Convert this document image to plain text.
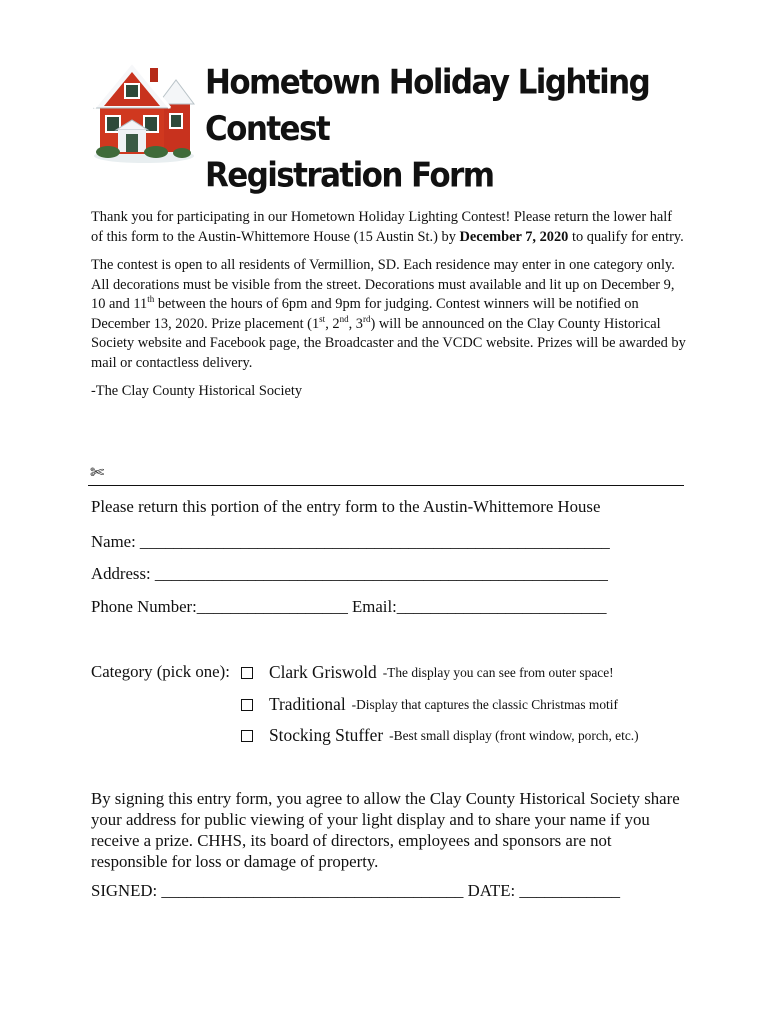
Hometown Holiday Lighting Contest
Registration Form

Thank you for participating in our Hometown Holiday Lighting Contest! Please return the lower half of this form to the Austin-Whittemore House (15 Austin St.) by December 7, 2020 to qualify for entry.

The contest is open to all residents of Vermillion, SD. Each residence may enter in one category only. All decorations must be visible from the street. Decorations must available and lit up on December 9, 10 and 11th between the hours of 6pm and 9pm for judging. Contest winners will be notified on December 13, 2020. Prize placement (1st, 2nd, 3rd) will be announced on the Clay County Historical Society website and Facebook page, the Broadcaster and the VCDC website. Prizes will be awarded by mail or contactless delivery.

-The Clay County Historical Society

✄
Please return this portion of the entry form to the Austin-Whittemore House
Name: ________________________________________________________
Address: ______________________________________________________
Phone Number:__________________ Email:_________________________
Category (pick one): Clark Griswold -The display you can see from outer space!
Traditional -Display that captures the classic Christmas motif
Stocking Stuffer -Best small display (front window, porch, etc.)
By signing this entry form, you agree to allow the Clay County Historical Society share your address for public viewing of your light display and to share your name if you receive a prize. CHHS, its board of directors, employees and sponsors are not responsible for loss or damage of property.
SIGNED: ____________________________________ DATE: ____________
